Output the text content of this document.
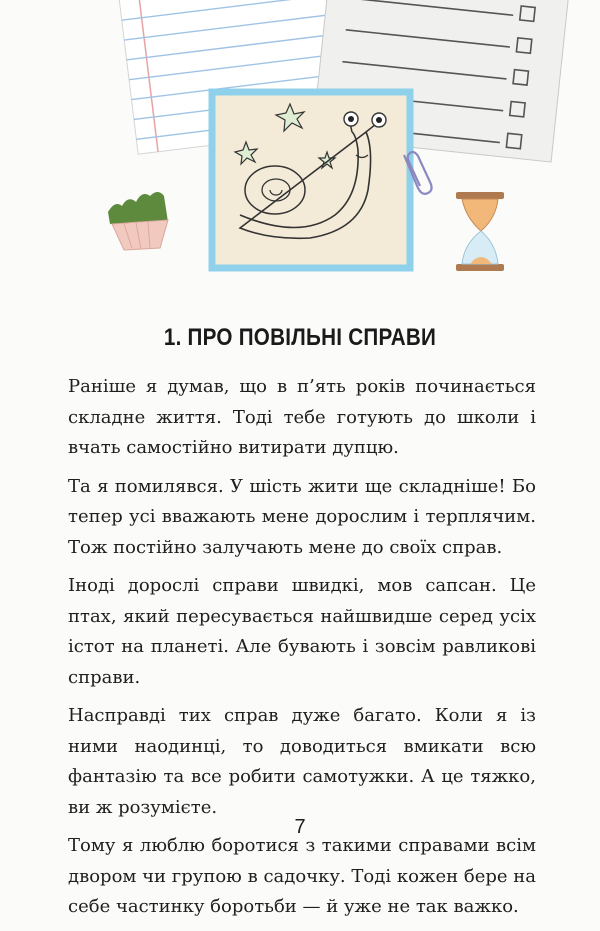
1. ПРО ПОВІЛЬНІ СПРАВИ

Раніше я думав, що в п’ять років починається складне життя. Тоді тебе готують до школи і вчать самостійно витирати дупцю.

Та я помилявся. У шість жити ще складніше! Бо тепер усі вважають мене дорослим і терплячим. Тож постійно залучають мене до своїх справ.

Іноді дорослі справи швидкі, мов сапсан. Це птах, який пересувається найшвидше серед усіх істот на планеті. Але бувають і зовсім равликові справи.

Насправді тих справ дуже багато. Коли я із ними наодинці, то доводиться вмикати всю фантазію та все робити самотужки. А це тяжко, ви ж розумієте.

Тому я люблю боротися з такими справами всім двором чи групою в садочку. Тоді кожен бере на себе частинку боротьби — й уже не так важко.

7
